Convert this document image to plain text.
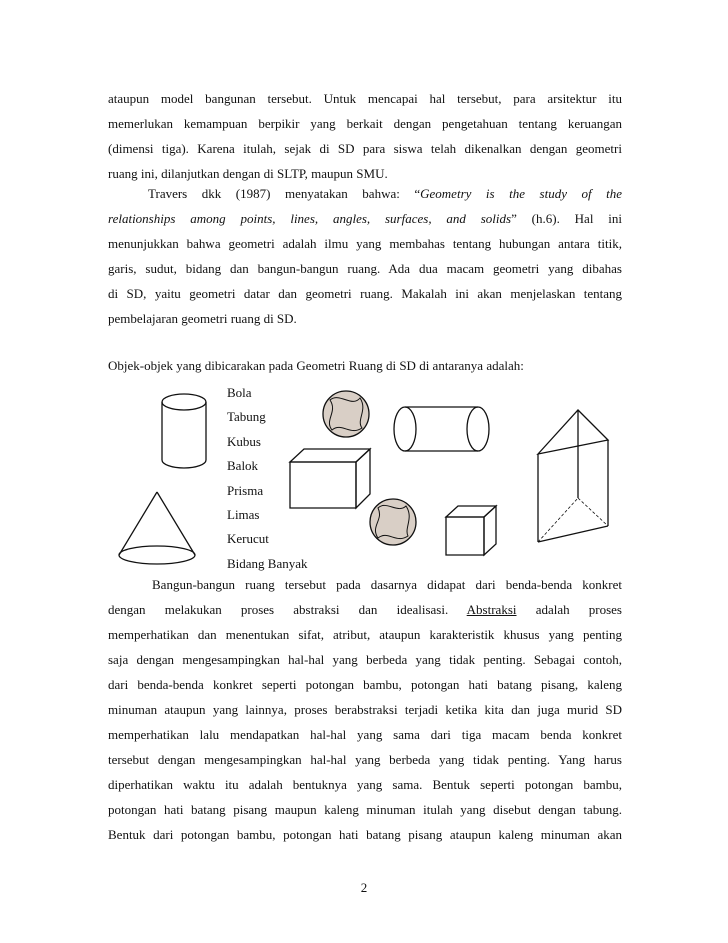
ataupun model bangunan tersebut. Untuk mencapai hal tersebut, para arsitektur itu
memerlukan kemampuan berpikir yang berkait dengan pengetahuan tentang keruangan
(dimensi tiga). Karena itulah, sejak di SD para siswa telah dikenalkan dengan geometri
ruang ini, dilanjutkan dengan di SLTP, maupun SMU.
Travers dkk (1987) menyatakan bahwa: “Geometry is the study of the
relationships among points, lines, angles, surfaces, and solids” (h.6). Hal ini
menunjukkan bahwa geometri adalah ilmu yang membahas tentang hubungan antara titik,
garis, sudut, bidang dan bangun-bangun ruang. Ada dua macam geometri yang dibahas
di SD, yaitu geometri datar dan geometri ruang. Makalah ini akan menjelaskan tentang
pembelajaran geometri ruang di SD.

Objek-objek yang dibicarakan pada Geometri Ruang di SD di antaranya adalah:

Bola
Tabung
Kubus
Balok
Prisma
Limas
Kerucut
Bidang Banyak
Bangun-bangun ruang tersebut pada dasarnya didapat dari benda-benda konkret
dengan melakukan proses abstraksi dan idealisasi. Abstraksi adalah proses
memperhatikan dan menentukan sifat, atribut, ataupun karakteristik khusus yang penting
saja dengan mengesampingkan hal-hal yang berbeda yang tidak penting. Sebagai contoh,
dari benda-benda konkret seperti potongan bambu, potongan hati batang pisang, kaleng
minuman ataupun yang lainnya, proses berabstraksi terjadi ketika kita dan juga murid SD
memperhatikan lalu mendapatkan hal-hal yang sama dari tiga macam benda konkret
tersebut dengan mengesampingkan hal-hal yang berbeda yang tidak penting. Yang harus
diperhatikan waktu itu adalah bentuknya yang sama. Bentuk seperti potongan bambu,
potongan hati batang pisang maupun kaleng minuman itulah yang disebut dengan tabung.
Bentuk dari potongan bambu, potongan hati batang pisang ataupun kaleng minuman akan
2
